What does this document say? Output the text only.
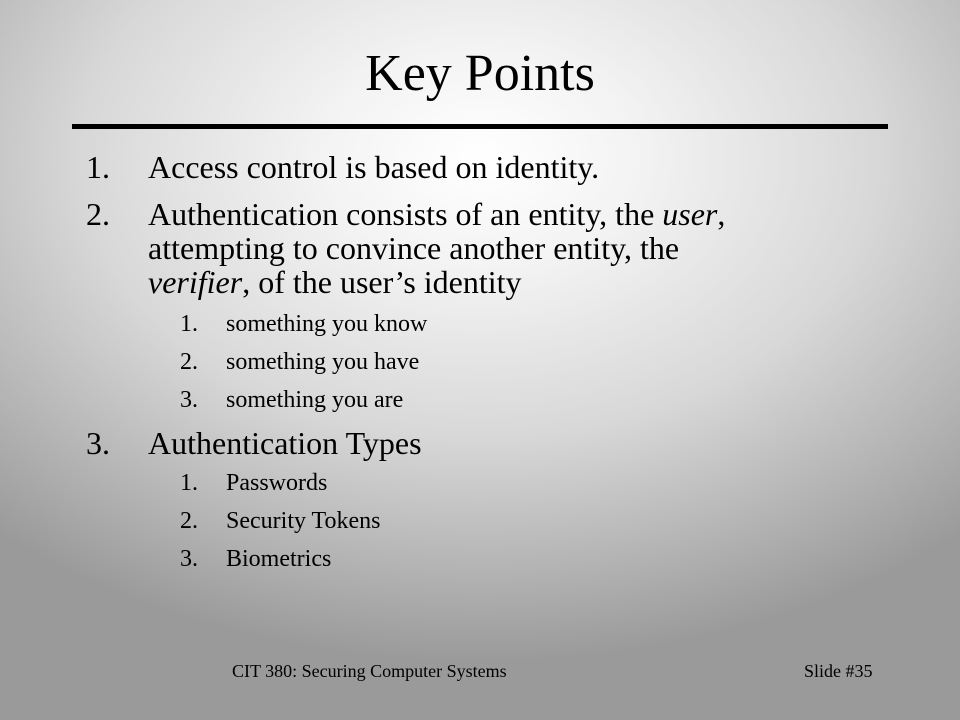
Key Points
1. Access control is based on identity.
2. Authentication consists of an entity, the user,
attempting to convince another entity, the
verifier, of the user’s identity
1. something you know
2. something you have
3. something you are
3. Authentication Types
1. Passwords
2. Security Tokens
3. Biometrics
CIT 380: Securing Computer Systems	Slide #35
